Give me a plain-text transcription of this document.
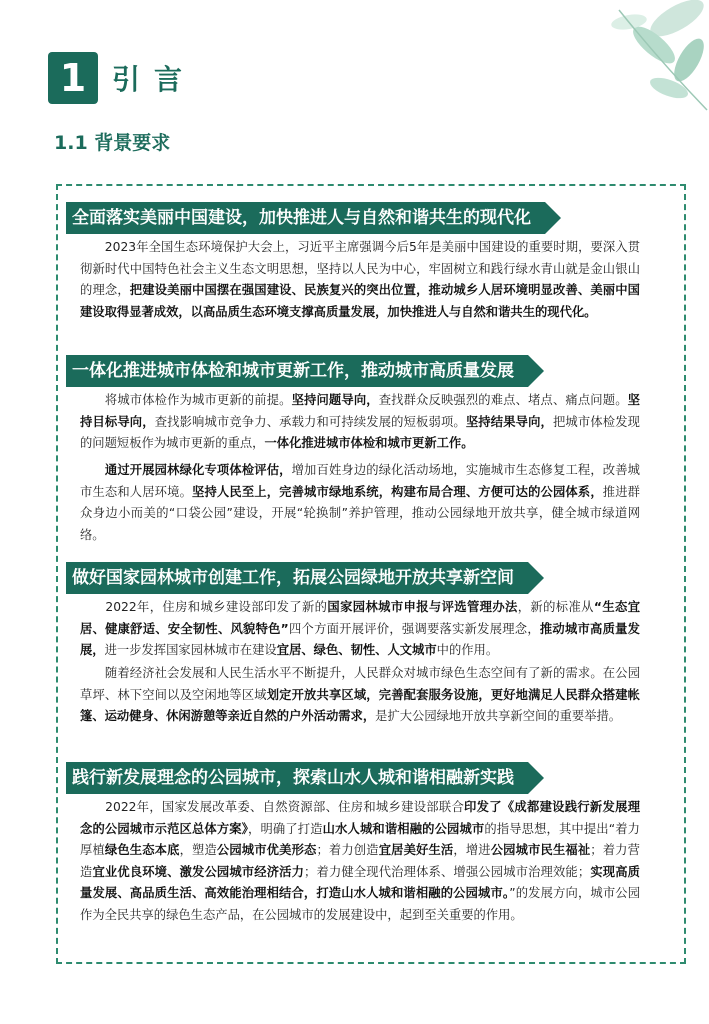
1 引言
1.1 背景要求
全面落实美丽中国建设，加快推进人与自然和谐共生的现代化

　　2023年全国生态环境保护大会上，习近平主席强调今后5年是美丽中国建设的重要时期，要深入贯彻新时代中国特色社会主义生态文明思想，坚持以人民为中心，牢固树立和践行绿水青山就是金山银山的理念，把建设美丽中国摆在强国建设、民族复兴的突出位置，推动城乡人居环境明显改善、美丽中国建设取得显著成效，以高品质生态环境支撑高质量发展，加快推进人与自然和谐共生的现代化。

一体化推进城市体检和城市更新工作，推动城市高质量发展

　　将城市体检作为城市更新的前提。坚持问题导向，查找群众反映强烈的难点、堵点、痛点问题。坚持目标导向，查找影响城市竞争力、承载力和可持续发展的短板弱项。坚持结果导向，把城市体检发现的问题短板作为城市更新的重点，一体化推进城市体检和城市更新工作。

　　通过开展园林绿化专项体检评估，增加百姓身边的绿化活动场地，实施城市生态修复工程，改善城市生态和人居环境。坚持人民至上，完善城市绿地系统，构建布局合理、方便可达的公园体系，推进群众身边小而美的“口袋公园”建设，开展“轮换制”养护管理，推动公园绿地开放共享，健全城市绿道网络。

做好国家园林城市创建工作，拓展公园绿地开放共享新空间

　　2022年，住房和城乡建设部印发了新的国家园林城市申报与评选管理办法，新的标准从“生态宜居、健康舒适、安全韧性、风貌特色”四个方面开展评价，强调要落实新发展理念，推动城市高质量发展，进一步发挥国家园林城市在建设宜居、绿色、韧性、人文城市中的作用。

　　随着经济社会发展和人民生活水平不断提升，人民群众对城市绿色生态空间有了新的需求。在公园草坪、林下空间以及空闲地等区域划定开放共享区域，完善配套服务设施，更好地满足人民群众搭建帐篷、运动健身、休闲游憩等亲近自然的户外活动需求，是扩大公园绿地开放共享新空间的重要举措。

践行新发展理念的公园城市，探索山水人城和谐相融新实践

　　2022年，国家发展改革委、自然资源部、住房和城乡建设部联合印发了《成都建设践行新发展理念的公园城市示范区总体方案》，明确了打造山水人城和谐相融的公园城市的指导思想，其中提出“着力厚植绿色生态本底，塑造公园城市优美形态；着力创造宜居美好生活，增进公园城市民生福祉；着力营造宜业优良环境、激发公园城市经济活力；着力健全现代治理体系、增强公园城市治理效能；实现高质量发展、高品质生活、高效能治理相结合，打造山水人城和谐相融的公园城市。”的发展方向，城市公园作为全民共享的绿色生态产品，在公园城市的发展建设中，起到至关重要的作用。
